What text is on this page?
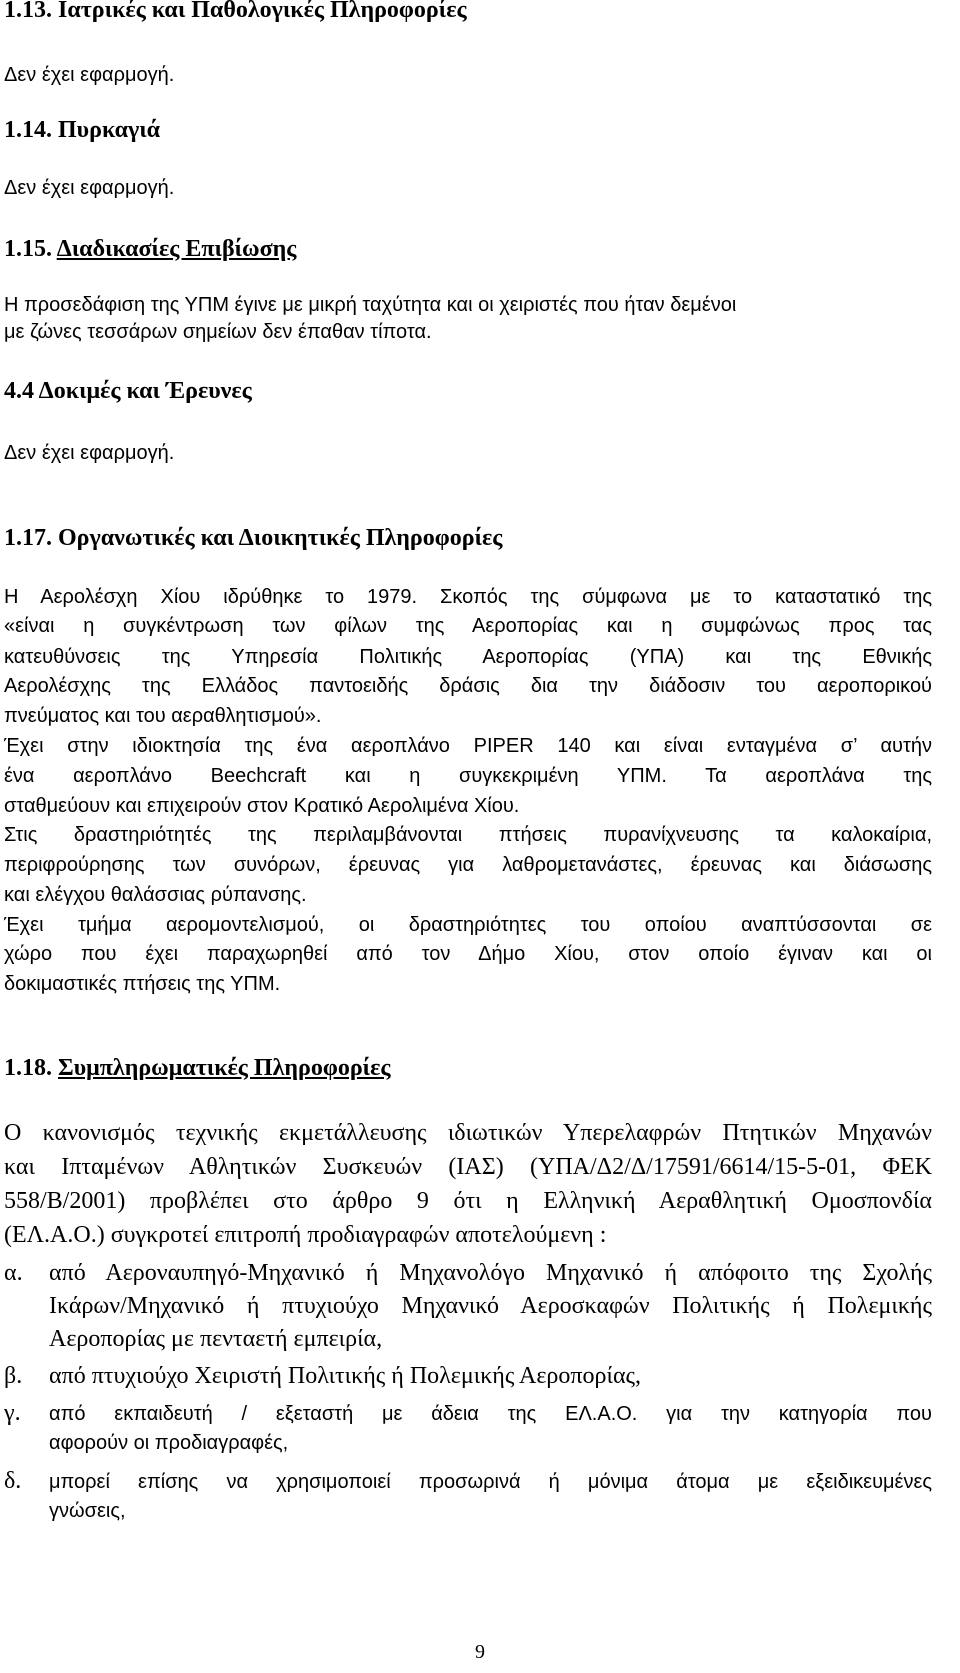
1.13. Ιατρικές και Παθολογικές Πληροφορίες
Δεν έχει εφαρμογή.
1.14. Πυρκαγιά
Δεν έχει εφαρμογή.
1.15. Διαδικασίες Επιβίωσης
Η προσεδάφιση της ΥΠΜ έγινε με μικρή ταχύτητα και οι χειριστές που ήταν δεμένοι
με ζώνες τεσσάρων σημείων δεν έπαθαν τίποτα.
4.4 Δοκιμές και Έρευνες
Δεν έχει εφαρμογή.
1.17. Οργανωτικές και Διοικητικές Πληροφορίες
Η Αερολέσχη Χίου ιδρύθηκε το 1979. Σκοπός της σύμφωνα με το καταστατικό της
«είναι η συγκέντρωση των φίλων της Αεροπορίας και η συμφώνως προς τας
κατευθύνσεις της Υπηρεσία Πολιτικής Αεροπορίας (ΥΠΑ) και της Εθνικής
Αερολέσχης της Ελλάδος παντοειδής δράσις δια την διάδοσιν του αεροπορικού
πνεύματος και του αεραθλητισμού».
Έχει στην ιδιοκτησία της ένα αεροπλάνο PIPER 140 και είναι ενταγμένα σ’ αυτήν
ένα αεροπλάνο Beechcraft και η συγκεκριμένη ΥΠΜ. Τα αεροπλάνα της
σταθμεύουν και επιχειρούν στον Κρατικό Αερολιμένα Χίου.
Στις δραστηριότητές της περιλαμβάνονται πτήσεις πυρανίχνευσης τα καλοκαίρια,
περιφρούρησης των συνόρων, έρευνας για λαθρομετανάστες, έρευνας και διάσωσης
και ελέγχου θαλάσσιας ρύπανσης.
Έχει τμήμα αερομοντελισμού, οι δραστηριότητες του οποίου αναπτύσσονται σε
χώρο που έχει παραχωρηθεί από τον Δήμο Χίου, στον οποίο έγιναν και οι
δοκιμαστικές πτήσεις της ΥΠΜ.
1.18. Συμπληρωματικές Πληροφορίες
Ο κανονισμός τεχνικής εκμετάλλευσης ιδιωτικών Υπερελαφρών Πτητικών Μηχανών
και Ιπταμένων Αθλητικών Συσκευών (ΙΑΣ) (ΥΠΑ/Δ2/Δ/17591/6614/15-5-01, ΦΕΚ
558/Β/2001) προβλέπει στο άρθρο 9 ότι η Ελληνική Αεραθλητική Ομοσπονδία
(ΕΛ.Α.Ο.) συγκροτεί επιτροπή προδιαγραφών αποτελούμενη :
α. από Αεροναυπηγό-Μηχανικό ή Μηχανολόγο Μηχανικό ή απόφοιτο της Σχολής
Ικάρων/Μηχανικό ή πτυχιούχο Μηχανικό Αεροσκαφών Πολιτικής ή Πολεμικής
Αεροπορίας με πενταετή εμπειρία,
β. από πτυχιούχο Χειριστή Πολιτικής ή Πολεμικής Αεροπορίας,
γ. από εκπαιδευτή / εξεταστή με άδεια της ΕΛ.Α.Ο. για την κατηγορία που
αφορούν οι προδιαγραφές,
δ. μπορεί επίσης να χρησιμοποιεί προσωρινά ή μόνιμα άτομα με εξειδικευμένες
γνώσεις,
9
